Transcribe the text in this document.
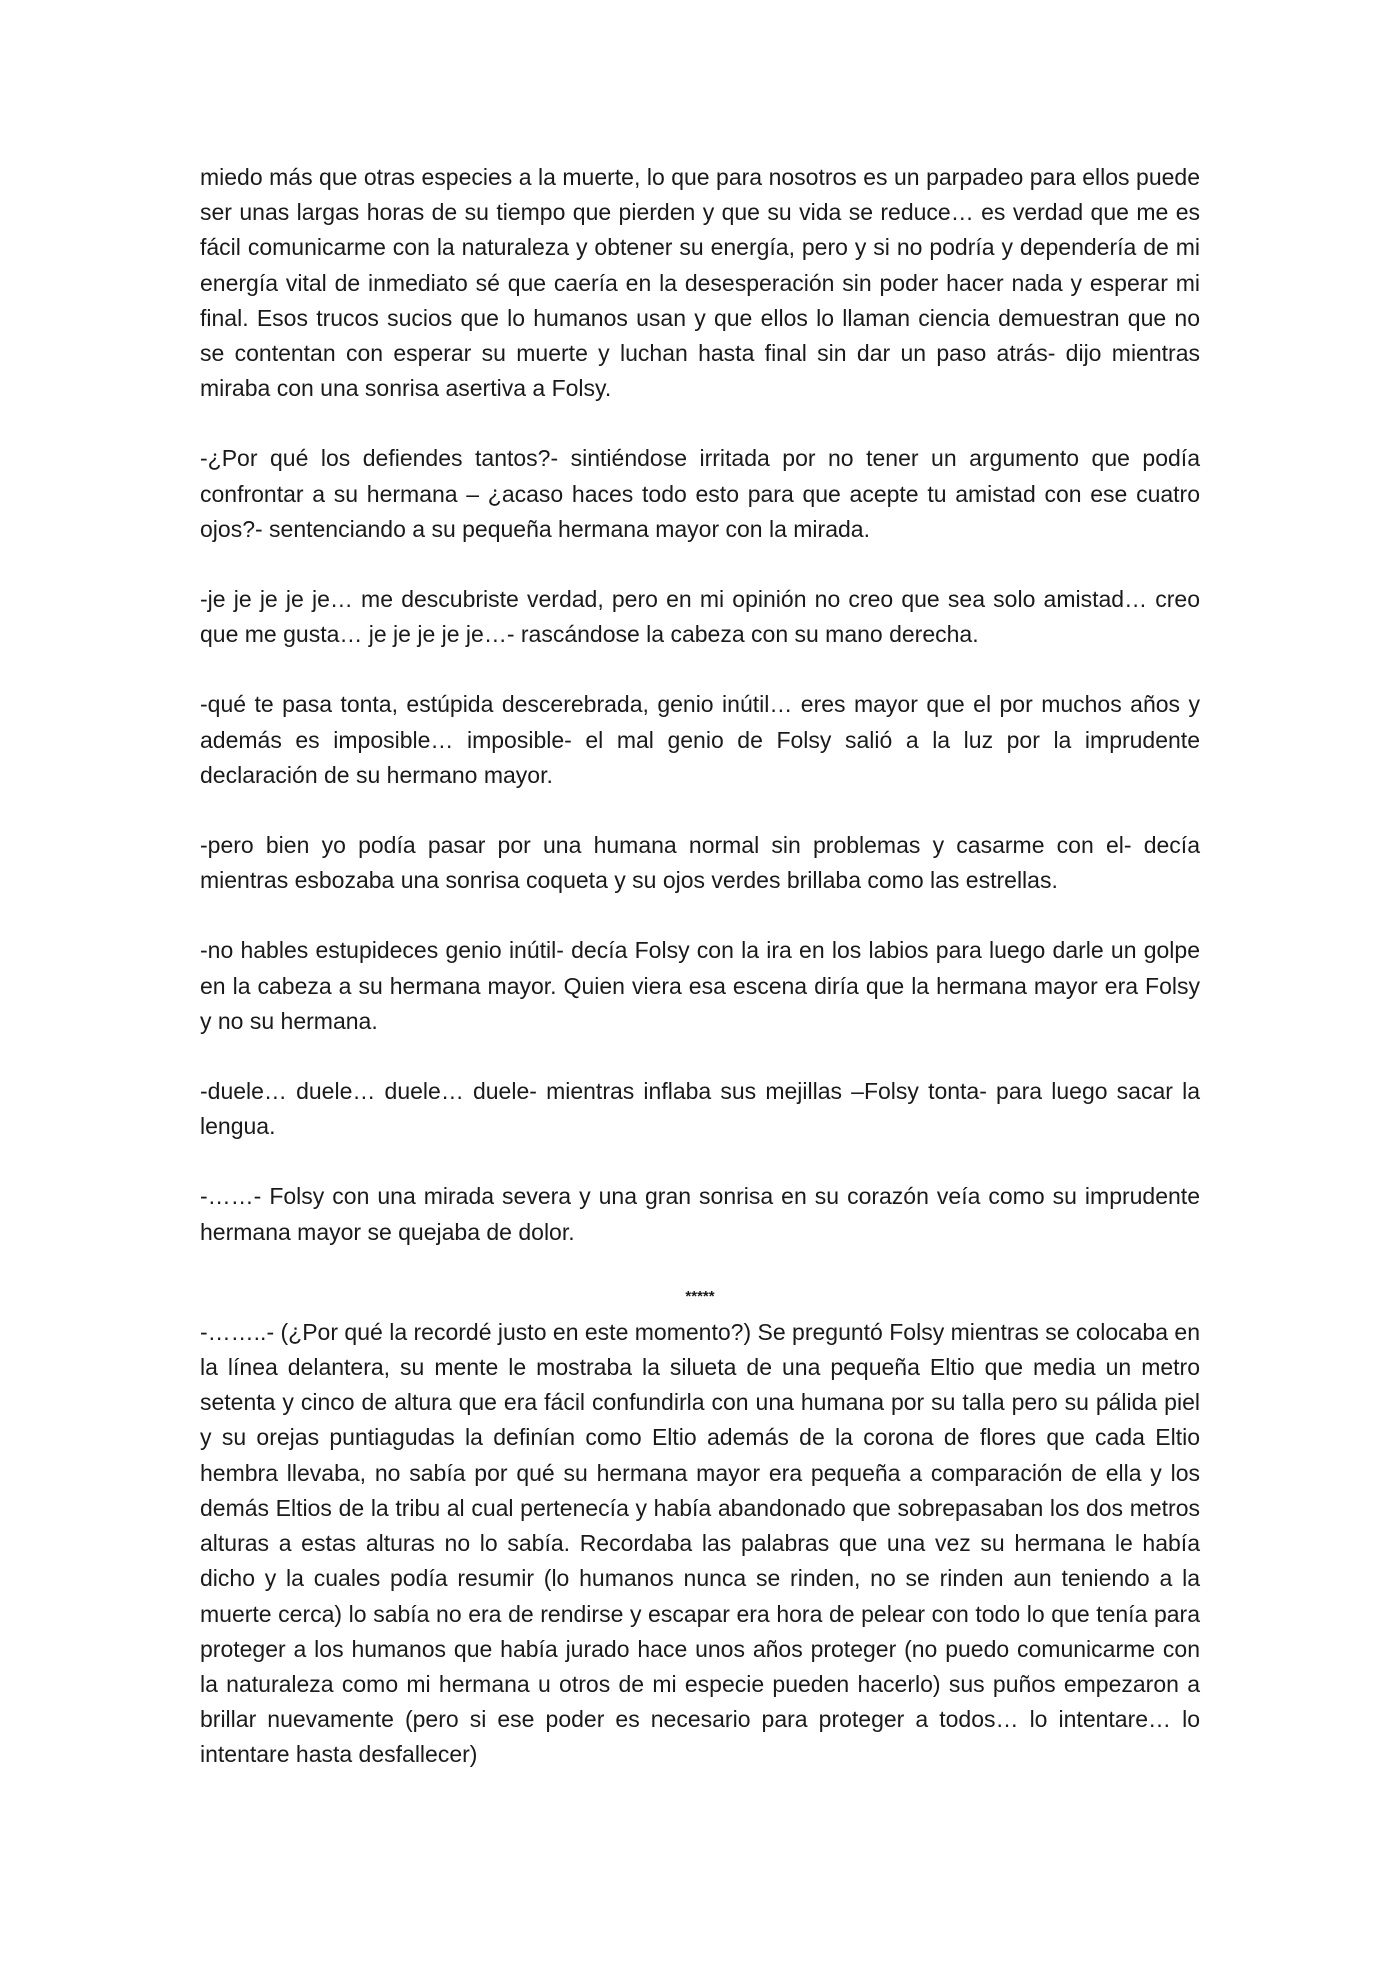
miedo más que otras especies a la muerte, lo que para nosotros es un parpadeo para ellos puede ser unas largas horas de su tiempo que pierden y que su vida se reduce… es verdad que me es fácil comunicarme con la naturaleza y obtener su energía, pero y si no podría y dependería de mi energía vital de inmediato sé que caería en la desesperación sin poder hacer nada y esperar mi final. Esos trucos sucios que lo humanos usan y que ellos lo llaman ciencia demuestran que no se contentan con esperar su muerte y luchan hasta final sin dar un paso atrás- dijo mientras miraba con una sonrisa asertiva a Folsy.

-¿Por qué los defiendes tantos?- sintiéndose irritada por no tener un argumento que podía confrontar a su hermana – ¿acaso haces todo esto para que acepte tu amistad con ese cuatro ojos?- sentenciando a su pequeña hermana mayor con la mirada.

-je je je je je… me descubriste verdad, pero en mi opinión no creo que sea solo amistad… creo que me gusta… je je je je je…- rascándose la cabeza con su mano derecha.

-qué te pasa tonta, estúpida descerebrada, genio inútil… eres mayor que el por muchos años y además es imposible… imposible- el mal genio de Folsy salió a la luz por la imprudente declaración de su hermano mayor.

-pero bien yo podía pasar por una humana normal sin problemas y casarme con el- decía mientras esbozaba una sonrisa coqueta y su ojos verdes brillaba como las estrellas.

-no hables estupideces genio inútil- decía Folsy con la ira en los labios para luego darle un golpe en la cabeza a su hermana mayor. Quien viera esa escena diría que la hermana mayor era Folsy y no su hermana.

-duele… duele… duele… duele- mientras inflaba sus mejillas –Folsy tonta- para luego sacar la lengua.

-……- Folsy con una mirada severa y una gran sonrisa en su corazón veía como su imprudente hermana mayor se quejaba de dolor.

*****

-……..- (¿Por qué la recordé justo en este momento?) Se preguntó Folsy mientras se colocaba en la línea delantera, su mente le mostraba la silueta de una pequeña Eltio que media un metro setenta y cinco de altura que era fácil confundirla con una humana por su talla pero su pálida piel y su orejas puntiagudas la definían como Eltio además de la corona de flores que cada Eltio hembra llevaba, no sabía por qué su hermana mayor era pequeña a comparación de ella y los demás Eltios de la tribu al cual pertenecía y había abandonado que sobrepasaban los dos metros alturas a estas alturas no lo sabía. Recordaba las palabras que una vez su hermana le había dicho y la cuales podía resumir (lo humanos nunca se rinden, no se rinden aun teniendo a la muerte cerca) lo sabía no era de rendirse y escapar era hora de pelear con todo lo que tenía para proteger a los humanos que había jurado hace unos años proteger (no puedo comunicarme con la naturaleza como mi hermana u otros de mi especie pueden hacerlo) sus puños empezaron a brillar nuevamente (pero si ese poder es necesario para proteger a todos… lo intentare… lo intentare hasta desfallecer)
